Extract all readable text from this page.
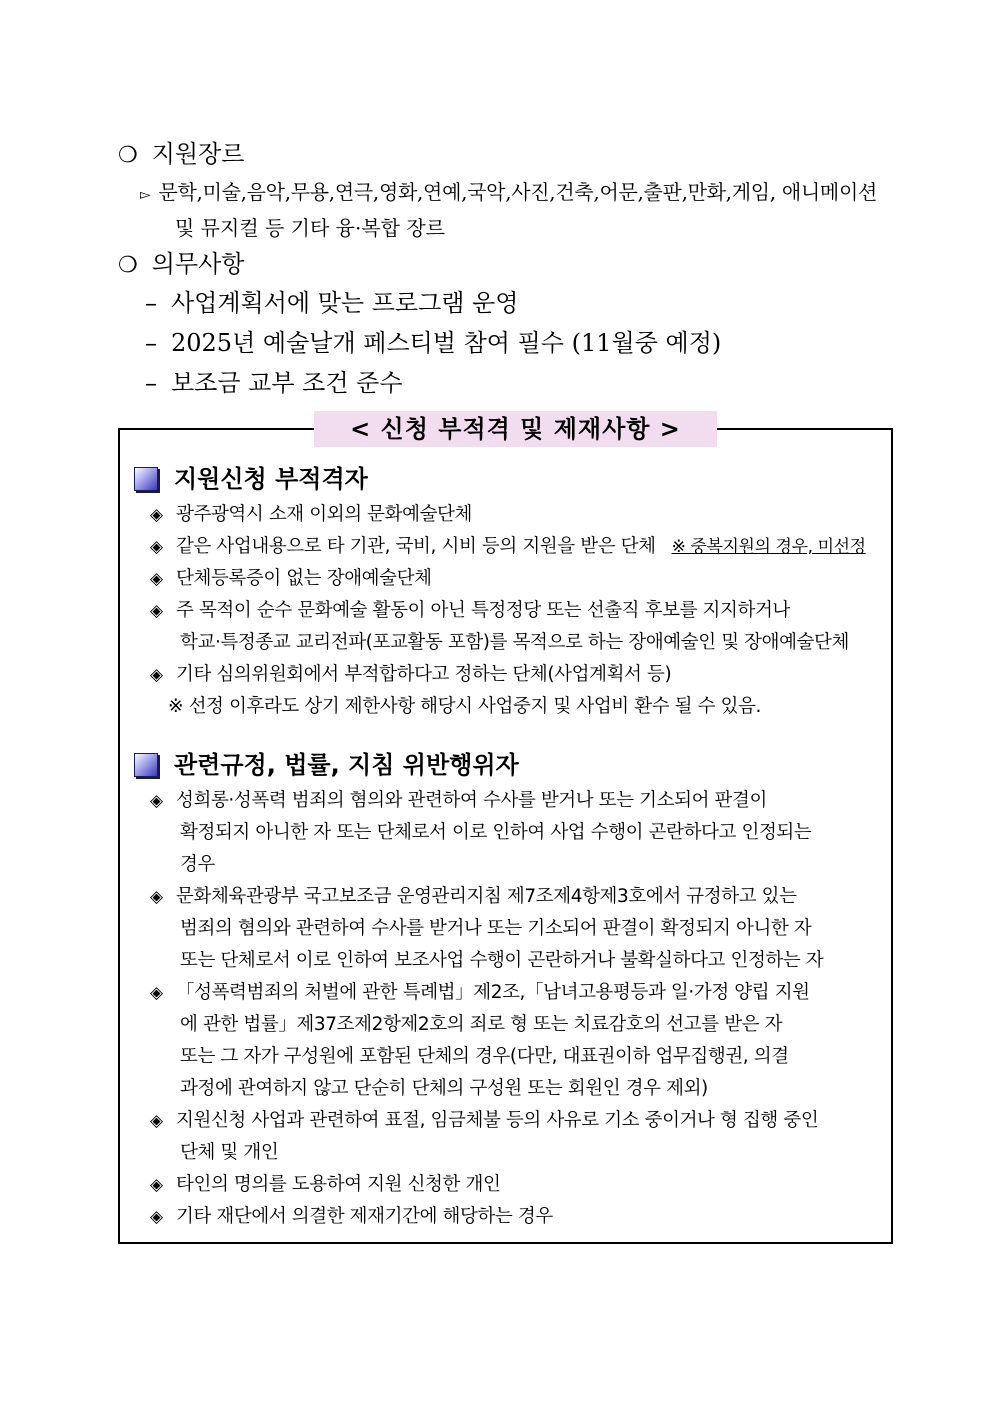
❍ 지원장르
▻ 문학,미술,음악,무용,연극,영화,연예,국악,사진,건축,어문,출판,만화,게임, 애니메이션
및 뮤지컬 등 기타 융·복합 장르
❍ 의무사항
– 사업계획서에 맞는 프로그램 운영
– 2025년 예술날개 페스티벌 참여 필수 (11월중 예정)
– 보조금 교부 조건 준수
< 신청 부적격 및 제재사항 >
지원신청 부적격자
◈ 광주광역시 소재 이외의 문화예술단체
◈ 같은 사업내용으로 타 기관, 국비, 시비 등의 지원을 받은 단체 ※ 중복지원의 경우, 미선정
◈ 단체등록증이 없는 장애예술단체
◈ 주 목적이 순수 문화예술 활동이 아닌 특정정당 또는 선출직 후보를 지지하거나
학교·특정종교 교리전파(포교활동 포함)를 목적으로 하는 장애예술인 및 장애예술단체
◈ 기타 심의위원회에서 부적합하다고 정하는 단체(사업계획서 등)
※ 선정 이후라도 상기 제한사항 해당시 사업중지 및 사업비 환수 될 수 있음.
관련규정, 법률, 지침 위반행위자
◈ 성희롱·성폭력 범죄의 혐의와 관련하여 수사를 받거나 또는 기소되어 판결이
확정되지 아니한 자 또는 단체로서 이로 인하여 사업 수행이 곤란하다고 인정되는
경우
◈ 문화체육관광부 국고보조금 운영관리지침 제7조제4항제3호에서 규정하고 있는
범죄의 혐의와 관련하여 수사를 받거나 또는 기소되어 판결이 확정되지 아니한 자
또는 단체로서 이로 인하여 보조사업 수행이 곤란하거나 불확실하다고 인정하는 자
◈ 「성폭력범죄의 처벌에 관한 특례법」제2조,「남녀고용평등과 일·가정 양립 지원
에 관한 법률」제37조제2항제2호의 죄로 형 또는 치료감호의 선고를 받은 자
또는 그 자가 구성원에 포함된 단체의 경우(다만, 대표권이하 업무집행권, 의결
과정에 관여하지 않고 단순히 단체의 구성원 또는 회원인 경우 제외)
◈ 지원신청 사업과 관련하여 표절, 임금체불 등의 사유로 기소 중이거나 형 집행 중인
단체 및 개인
◈ 타인의 명의를 도용하여 지원 신청한 개인
◈ 기타 재단에서 의결한 제재기간에 해당하는 경우
